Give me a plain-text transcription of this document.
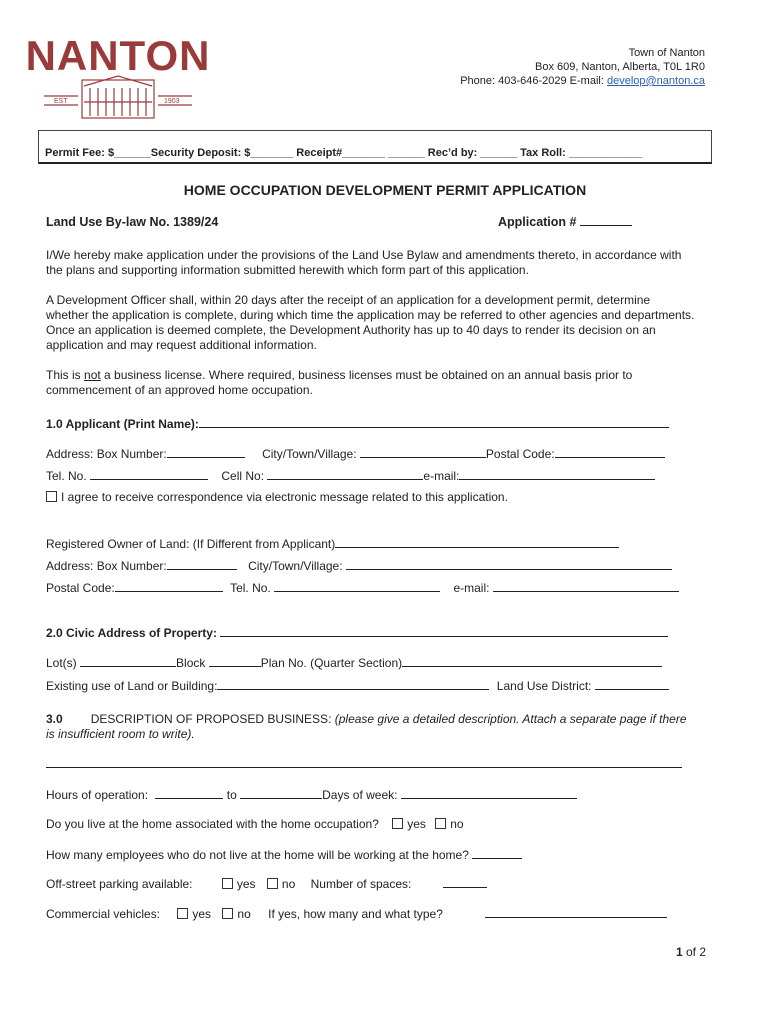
NANTON
EST	1903
Town of Nanton
Box 609, Nanton, Alberta, T0L 1R0
Phone: 403-646-2029 E-mail: develop@nanton.ca
Permit Fee: $______Security Deposit: $_______ Receipt#_______ ______ Rec’d by: ______ Tax Roll: ____________
HOME OCCUPATION DEVELOPMENT PERMIT APPLICATION
Land Use By-law No. 1389/24	Application #
I/We hereby make application under the provisions of the Land Use Bylaw and amendments thereto, in accordance with the plans and supporting information submitted herewith which form part of this application.
A Development Officer shall, within 20 days after the receipt of an application for a development permit, determine whether the application is complete, during which time the application may be referred to other agencies and departments. Once an application is deemed complete, the Development Authority has up to 40 days to render its decision on an application and may request additional information.
This is not a business license. Where required, business licenses must be obtained on an annual basis prior to commencement of an approved home occupation.
1.0 Applicant (Print Name):
Address: Box Number:	City/Town/Village:	Postal Code:
Tel. No.	Cell No:	e-mail:
I agree to receive correspondence via electronic message related to this application.
Registered Owner of Land: (If Different from Applicant)
Address: Box Number:	City/Town/Village:
Postal Code:	Tel. No.	e-mail:
2.0 Civic Address of Property:
Lot(s)	Block	Plan No. (Quarter Section)
Existing use of Land or Building:	Land Use District:
3.0 DESCRIPTION OF PROPOSED BUSINESS: (please give a detailed description. Attach a separate page if there is insufficient room to write).
Hours of operation:	to	Days of week:
Do you live at the home associated with the home occupation? yes no
How many employees who do not live at the home will be working at the home?
Off-street parking available:	yes no Number of spaces:
Commercial vehicles:	yes no If yes, how many and what type?
1 of 2
